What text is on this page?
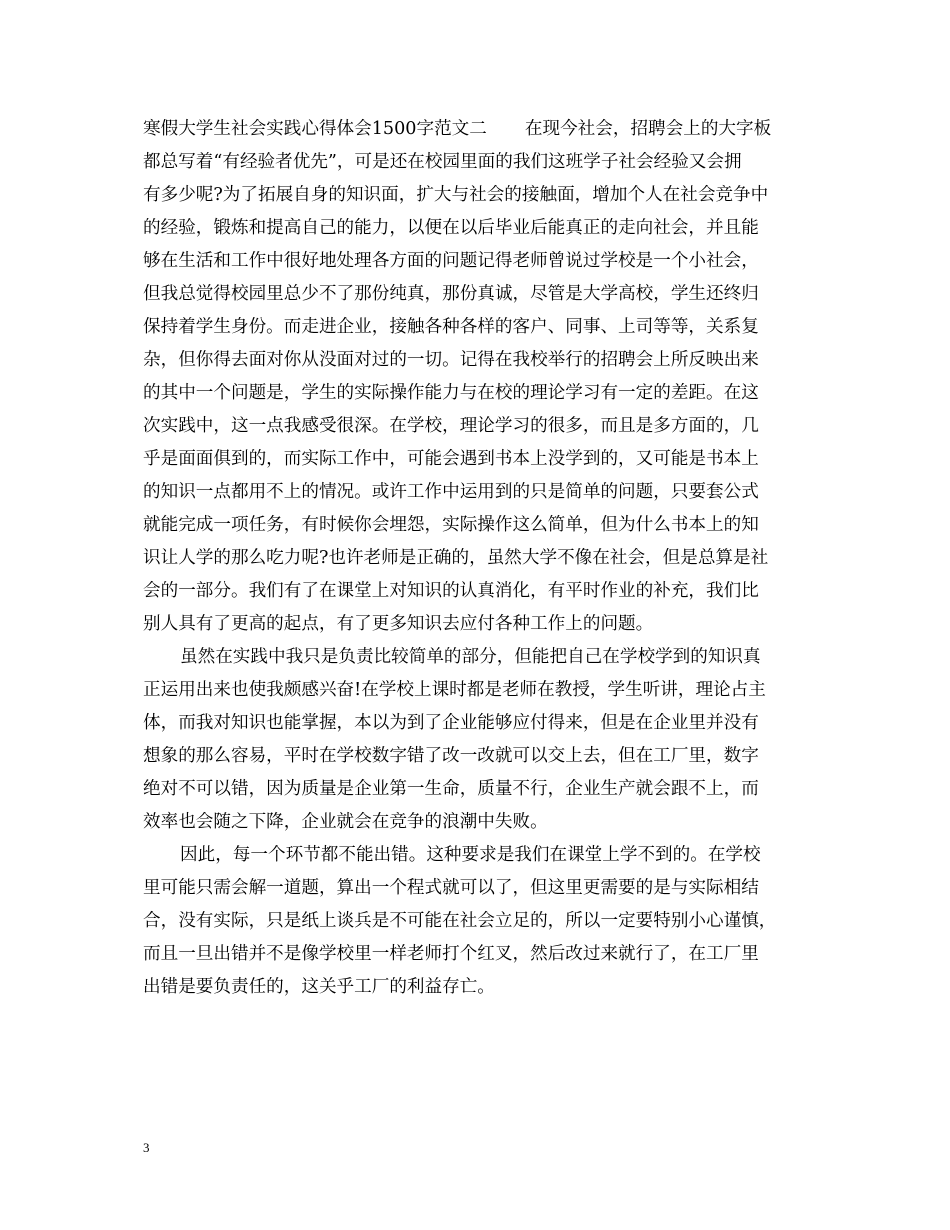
寒假大学生社会实践心得体会1500字范文二 在现今社会，招聘会上的大字板
都总写着“有经验者优先”，可是还在校园里面的我们这班学子社会经验又会拥
有多少呢?为了拓展自身的知识面，扩大与社会的接触面，增加个人在社会竞争中
的经验，锻炼和提高自己的能力，以便在以后毕业后能真正的走向社会，并且能
够在生活和工作中很好地处理各方面的问题记得老师曾说过学校是一个小社会，
但我总觉得校园里总少不了那份纯真，那份真诚，尽管是大学高校，学生还终归
保持着学生身份。而走进企业，接触各种各样的客户、同事、上司等等，关系复
杂，但你得去面对你从没面对过的一切。记得在我校举行的招聘会上所反映出来
的其中一个问题是，学生的实际操作能力与在校的理论学习有一定的差距。在这
次实践中，这一点我感受很深。在学校，理论学习的很多，而且是多方面的，几
乎是面面俱到的，而实际工作中，可能会遇到书本上没学到的，又可能是书本上
的知识一点都用不上的情况。或许工作中运用到的只是简单的问题，只要套公式
就能完成一项任务，有时候你会埋怨，实际操作这么简单，但为什么书本上的知
识让人学的那么吃力呢?也许老师是正确的，虽然大学不像在社会，但是总算是社
会的一部分。我们有了在课堂上对知识的认真消化，有平时作业的补充，我们比
别人具有了更高的起点，有了更多知识去应付各种工作上的问题。
虽然在实践中我只是负责比较简单的部分，但能把自己在学校学到的知识真
正运用出来也使我颇感兴奋!在学校上课时都是老师在教授，学生听讲，理论占主
体，而我对知识也能掌握，本以为到了企业能够应付得来，但是在企业里并没有
想象的那么容易，平时在学校数字错了改一改就可以交上去，但在工厂里，数字
绝对不可以错，因为质量是企业第一生命，质量不行，企业生产就会跟不上，而
效率也会随之下降，企业就会在竞争的浪潮中失败。
因此，每一个环节都不能出错。这种要求是我们在课堂上学不到的。在学校
里可能只需会解一道题，算出一个程式就可以了，但这里更需要的是与实际相结
合，没有实际，只是纸上谈兵是不可能在社会立足的，所以一定要特别小心谨慎，
而且一旦出错并不是像学校里一样老师打个红叉，然后改过来就行了，在工厂里
出错是要负责任的，这关乎工厂的利益存亡。
3
